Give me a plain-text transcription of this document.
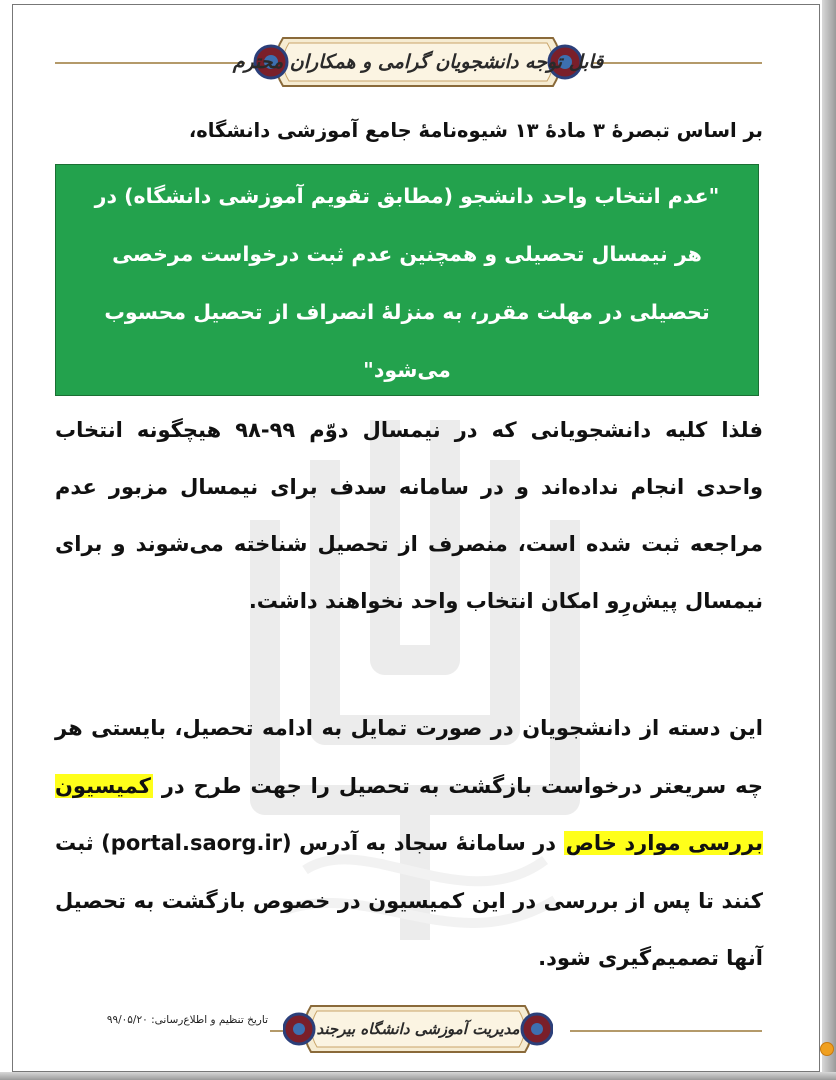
قابل توجه دانشجویان گرامی و همکاران محترم
بر اساس تبصرهٔ ۳ مادهٔ ۱۳ شیوه‌نامهٔ جامع آموزشی دانشگاه،
"عدم انتخاب واحد دانشجو (مطابق تقویم آموزشی دانشگاه) در هر نیمسال تحصیلی و همچنین عدم ثبت درخواست مرخصی تحصیلی در مهلت مقرر، به منزلهٔ انصراف از تحصیل محسوب می‌شود"
فلذا کلیه دانشجویانی که در نیمسال دوّم ۹۹-۹۸ هیچگونه انتخاب واحدی انجام نداده‌اند و در سامانه سدف برای نیمسال مزبور عدم مراجعه ثبت شده است، منصرف از تحصیل شناخته می‌شوند و برای نیمسال پیش‌رِو امکان انتخاب واحد نخواهند داشت.
این دسته از دانشجویان در صورت تمایل به ادامه تحصیل، بایستی هر چه سریعتر درخواست بازگشت به تحصیل را جهت طرح در کمیسیون بررسی موارد خاص در سامانهٔ سجاد به آدرس (portal.saorg.ir) ثبت کنند تا پس از بررسی در این کمیسیون در خصوص بازگشت به تحصیل آنها تصمیم‌گیری شود.
تاریخ تنظیم و اطلاع‌رسانی: ۹۹/۰۵/۲۰	مدیریت آموزشی دانشگاه بیرجند
